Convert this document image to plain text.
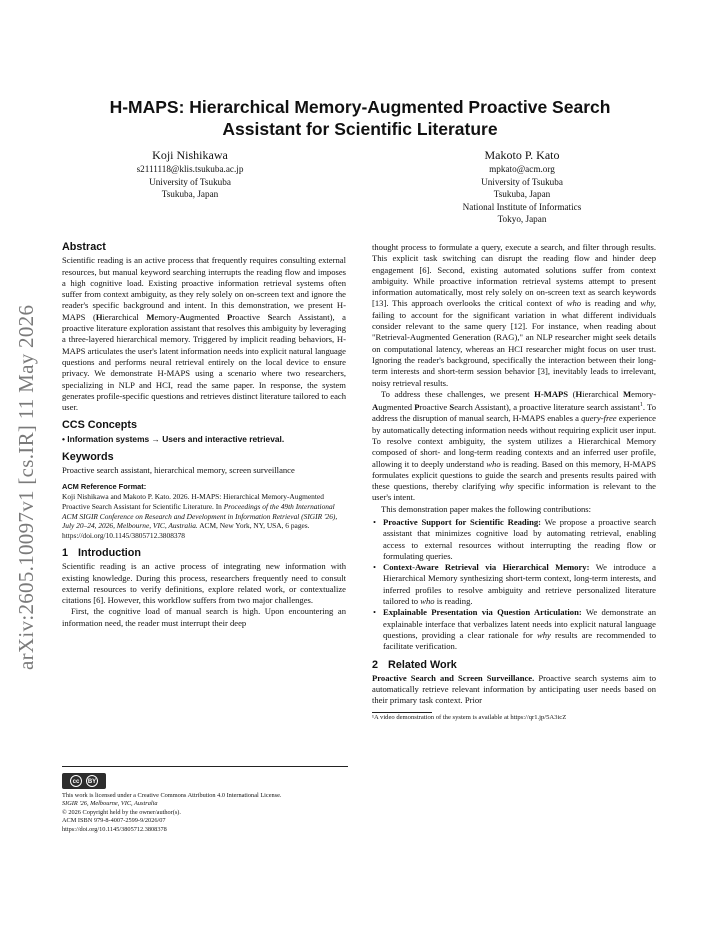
arXiv:2605.10097v1 [cs.IR] 11 May 2026
H-MAPS: Hierarchical Memory-Augmented Proactive Search
Assistant for Scientific Literature
Koji Nishikawa
s2111118@klis.tsukuba.ac.jp
University of Tsukuba
Tsukuba, Japan
Makoto P. Kato
mpkato@acm.org
University of Tsukuba
Tsukuba, Japan
National Institute of Informatics
Tokyo, Japan
Abstract

Scientific reading is an active process that frequently requires consulting external resources, but manual keyword searching interrupts the reading flow and imposes a high cognitive load. Existing proactive information retrieval systems often suffer from context ambiguity, as they rely solely on on-screen text and ignore the reader's specific background and intent. In this demonstration, we present H-MAPS (Hierarchical Memory-Augmented Proactive Search Assistant), a proactive literature exploration assistant that resolves this ambiguity by leveraging a three-layered hierarchical memory. Triggered by implicit reading behaviors, H-MAPS articulates the user's latent information needs into explicit natural language questions and performs neural retrieval entirely on the local device to ensure privacy. We demonstrate H-MAPS using a scenario where two researchers, specializing in NLP and HCI, read the same paper. In response, the system generates profile-specific questions and retrieves distinct literature tailored to each user.

CCS Concepts

• Information systems → Users and interactive retrieval.

Keywords

Proactive search assistant, hierarchical memory, screen surveillance

ACM Reference Format:

Koji Nishikawa and Makoto P. Kato. 2026. H-MAPS: Hierarchical Memory-Augmented Proactive Search Assistant for Scientific Literature. In Proceedings of the 49th International ACM SIGIR Conference on Research and Development in Information Retrieval (SIGIR '26), July 20–24, 2026, Melbourne, VIC, Australia. ACM, New York, NY, USA, 6 pages. https://doi.org/10.1145/3805712.3808378

1 Introduction

Scientific reading is an active process of integrating new information with existing knowledge. During this process, researchers frequently need to consult external resources to verify definitions, explore related work, or contextualize citations [6]. However, this workflow suffers from two major challenges.

First, the cognitive load of manual search is high. Upon encountering an information need, the reader must interrupt their deep

cc	BY
This work is licensed under a Creative Commons Attribution 4.0 International License.
SIGIR '26, Melbourne, VIC, Australia
© 2026 Copyright held by the owner/author(s).
ACM ISBN 979-8-4007-2599-9/2026/07
https://doi.org/10.1145/3805712.3808378

thought process to formulate a query, execute a search, and filter through results. This explicit task switching can disrupt the reading flow and hinder deep engagement [6]. Second, existing automated solutions suffer from context ambiguity. While proactive information retrieval systems attempt to present information automatically, most rely solely on on-screen text as search keywords [13]. This approach overlooks the critical context of who is reading and why, failing to account for the significant variation in what different individuals consider relevant to the same query [12]. For instance, when reading about "Retrieval-Augmented Generation (RAG)," an NLP researcher might seek details on computational latency, whereas an HCI researcher might focus on user trust. Ignoring the reader's background, specifically the interaction between their long-term interests and short-term session behavior [3], inevitably leads to irrelevant, noisy retrieval results.

To address these challenges, we present H-MAPS (Hierarchical Memory-Augmented Proactive Search Assistant), a proactive literature search assistant$^1$. To address the disruption of manual search, H-MAPS enables a query-free experience by automatically detecting information needs without requiring explicit user input. To resolve context ambiguity, the system utilizes a Hierarchical Memory composed of short- and long-term reading contexts and an inferred user profile, allowing it to deeply understand who is reading. Based on this memory, H-MAPS formulates explicit questions to guide the search and presents results paired with these questions, thereby clarifying why specific information is relevant to the user's intent.

This demonstration paper makes the following contributions:

• Proactive Support for Scientific Reading: We propose a proactive search assistant that minimizes cognitive load by automating retrieval, enabling access to external resources without interrupting the reading flow or formulating queries.
• Context-Aware Retrieval via Hierarchical Memory: We introduce a Hierarchical Memory synthesizing short-term context, long-term interests, and inferred profiles to resolve ambiguity and retrieve personalized literature tailored to who is reading.
• Explainable Presentation via Question Articulation: We demonstrate an explainable interface that verbalizes latent needs into explicit natural language questions, providing a clear rationale for why results are recommended to facilitate verification.
2 Related Work

Proactive Search and Screen Surveillance. Proactive search systems aim to automatically retrieve relevant information by anticipating user needs based on their primary task context. Prior

¹A video demonstration of the system is available at https://qr1.jp/5A3icZ
